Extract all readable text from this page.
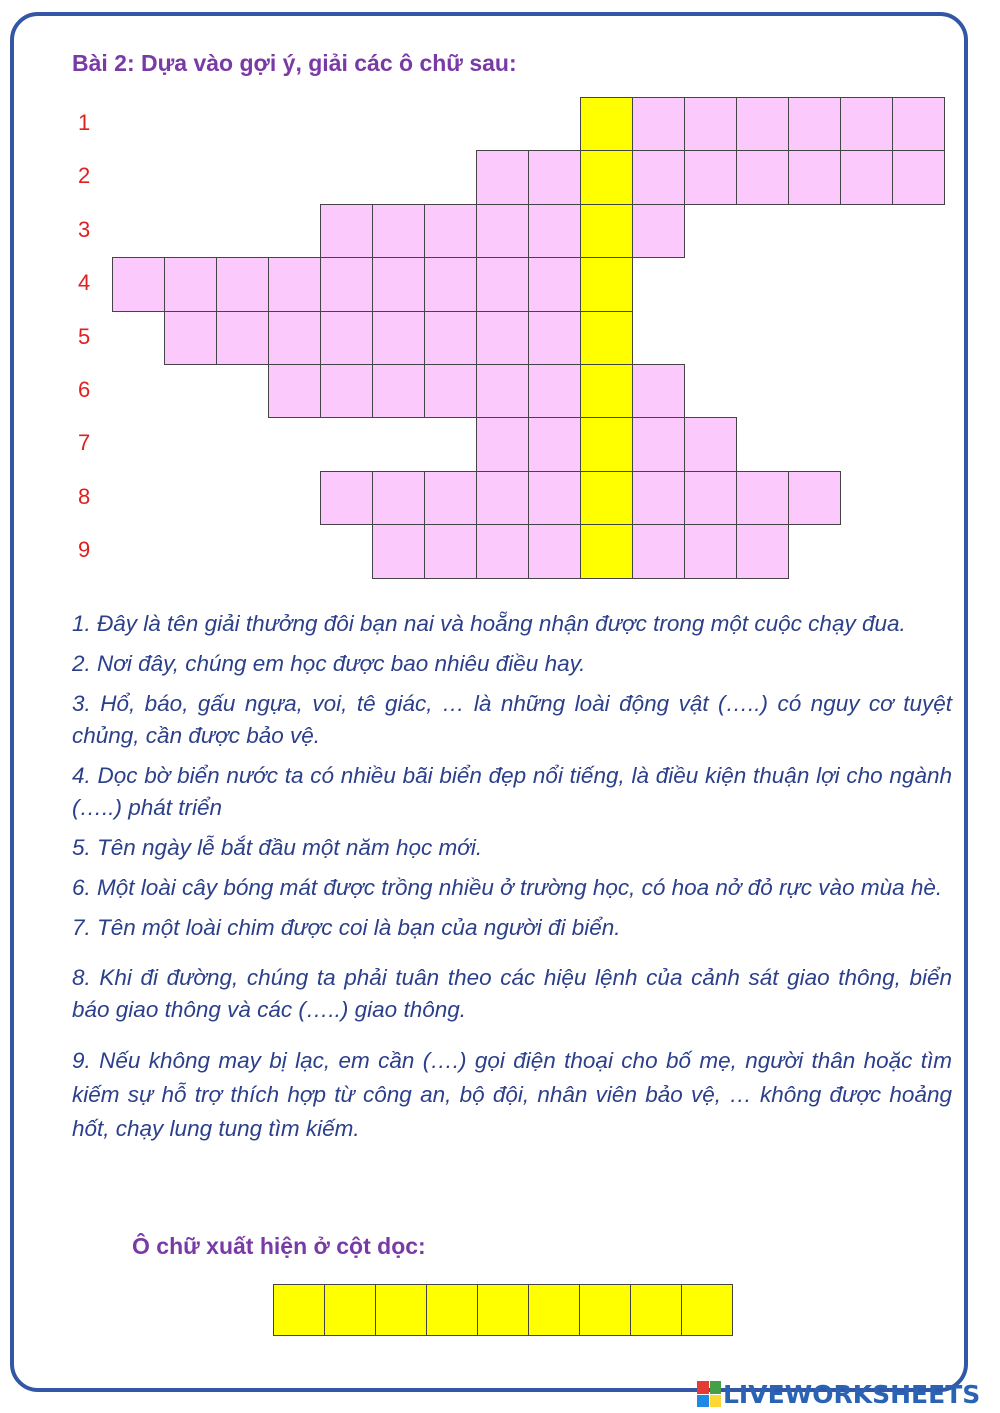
Bài 2: Dựa vào gợi ý, giải các ô chữ sau:
1
2
3
4
5
6
7
8
9

1. Đây là tên giải thưởng đôi bạn nai và hoẵng nhận được trong một cuộc chạy đua.

2. Nơi đây, chúng em học được bao nhiêu điều hay.

3. Hổ, báo, gấu ngựa, voi, tê giác, … là những loài động vật (…..) có nguy cơ tuyệt chủng, cần được bảo vệ.

4. Dọc bờ biển nước ta có nhiều bãi biển đẹp nổi tiếng, là điều kiện thuận lợi cho ngành (…..) phát triển

5. Tên ngày lễ bắt đầu một năm học mới.

6. Một loài cây bóng mát được trồng nhiều ở trường học, có hoa nở đỏ rực vào mùa hè.

7. Tên một loài chim được coi là bạn của người đi biển.

8. Khi đi đường, chúng ta phải tuân theo các hiệu lệnh của cảnh sát giao thông, biển báo giao thông và các (…..) giao thông.

9. Nếu không may bị lạc, em cần (….) gọi điện thoại cho bố mẹ, người thân hoặc tìm kiếm sự hỗ trợ thích hợp từ công an, bộ đội, nhân viên bảo vệ, … không được hoảng hốt, chạy lung tung tìm kiếm.

Ô chữ xuất hiện ở cột dọc:
LIVEWORKSHEETS
